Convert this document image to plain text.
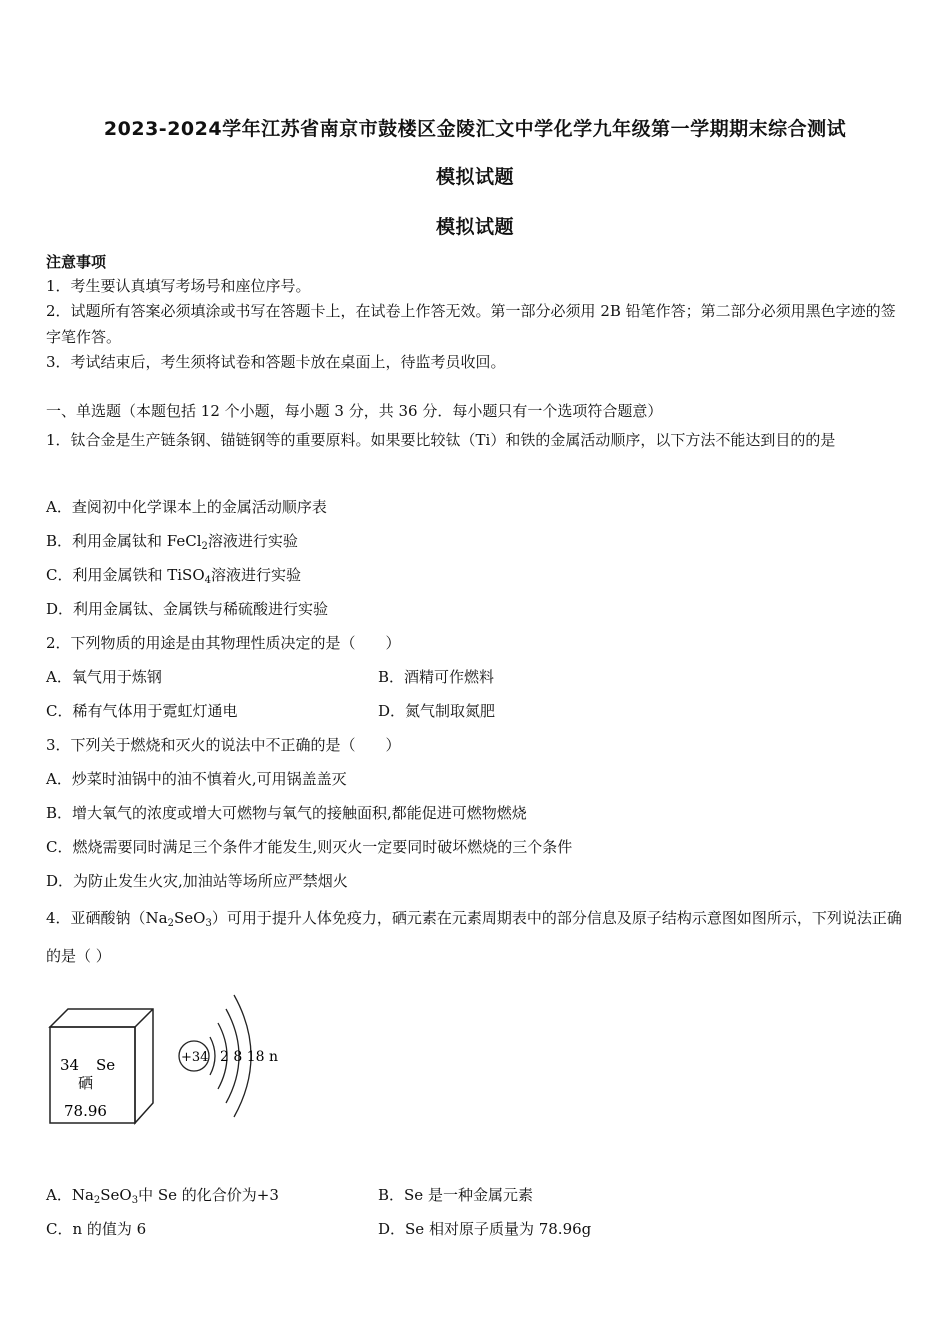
2023-2024学年江苏省南京市鼓楼区金陵汇文中学化学九年级第一学期期末综合测试
模拟试题
模拟试题
注意事项
1．考生要认真填写考场号和座位序号。
2．试题所有答案必须填涂或书写在答题卡上，在试卷上作答无效。第一部分必须用 2B 铅笔作答；第二部分必须用黑色字迹的签字笔作答。
3．考试结束后，考生须将试卷和答题卡放在桌面上，待监考员收回。
一、单选题（本题包括 12 个小题，每小题 3 分，共 36 分．每小题只有一个选项符合题意）
1．钛合金是生产链条钢、锚链钢等的重要原料。如果要比较钛（Ti）和铁的金属活动顺序，以下方法不能达到目的的是
A．查阅初中化学课本上的金属活动顺序表
B．利用金属钛和 FeCl$_2$溶液进行实验
C．利用金属铁和 TiSO$_4$溶液进行实验
D．利用金属钛、金属铁与稀硫酸进行实验
2．下列物质的用途是由其物理性质决定的是（　　）
A．氧气用于炼钢	B．酒精可作燃料
C．稀有气体用于霓虹灯通电	D．氮气制取氮肥
3．下列关于燃烧和灭火的说法中不正确的是（　　）
A．炒菜时油锅中的油不慎着火,可用锅盖盖灭
B．增大氧气的浓度或增大可燃物与氧气的接触面积,都能促进可燃物燃烧
C．燃烧需要同时满足三个条件才能发生,则灭火一定要同时破坏燃烧的三个条件
D．为防止发生火灾,加油站等场所应严禁烟火
4．亚硒酸钠$(Na_2SeO_3)$可用于提升人体免疫力，硒元素在元素周期表中的部分信息及原子结构示意图如图所示，下列说法正确的是（ ）
34 Se
硒
78.96
+34 2 8 18 n
A．$Na_2SeO_3$中 Se 的化合价为+3	B．Se 是一种金属元素
C．n 的值为 6	D．Se 相对原子质量为 78.96g
